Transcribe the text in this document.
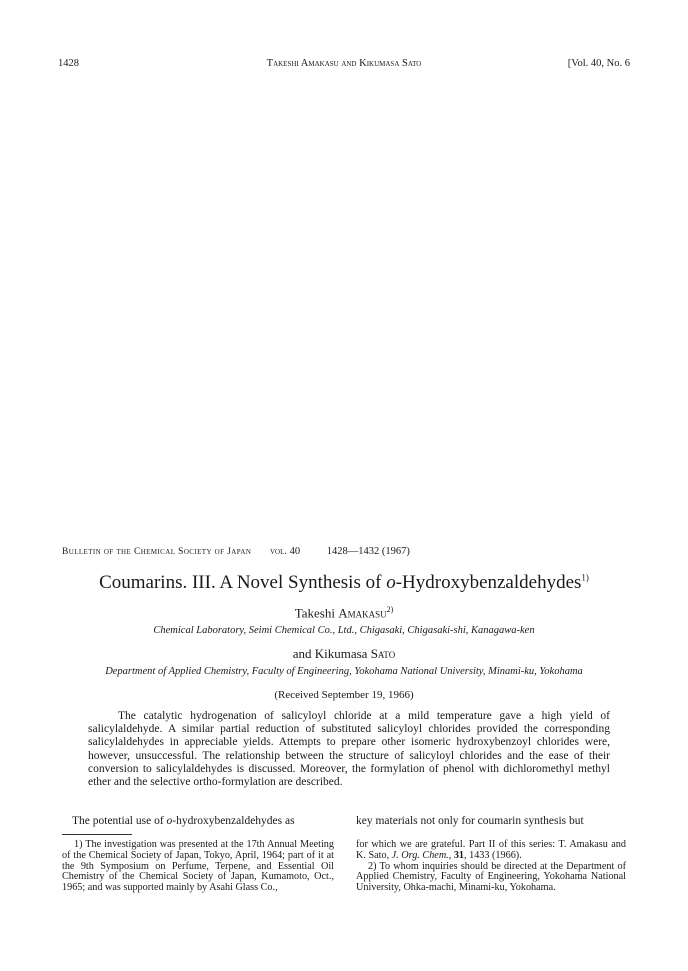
1428	Takeshi Amakasu and Kikumasa Sato	[Vol. 40, No. 6
Bulletin of the Chemical Society of Japan vol. 40	1428—1432 (1967)
Coumarins. III. A Novel Synthesis of o-Hydroxybenzaldehydes$^{1)}$
Takeshi Amakasu$^{2)}$
Chemical Laboratory, Seimi Chemical Co., Ltd., Chigasaki, Chigasaki-shi, Kanagawa-ken
and Kikumasa Sato
Department of Applied Chemistry, Faculty of Engineering, Yokohama National University, Minami-ku, Yokohama
(Received September 19, 1966)
The catalytic hydrogenation of salicyloyl chloride at a mild temperature gave a high yield of salicylaldehyde. A similar partial reduction of substituted salicyloyl chlorides provided the corresponding salicylaldehydes in appreciable yields. Attempts to prepare other isomeric hydroxybenzoyl chlorides were, however, unsuccessful. The relationship between the structure of salicyloyl chlorides and the ease of their conversion to salicylaldehydes is discussed. Moreover, the formylation of phenol with dichloromethyl methyl ether and the selective ortho-formylation are described.
The potential use of o-hydroxybenzaldehydes as	key materials not only for coumarin synthesis but

1) The investigation was presented at the 17th Annual Meeting of the Chemical Society of Japan, Tokyo, April, 1964; part of it at the 9th Symposium on Perfume, Terpene, and Essential Oil Chemistry of the Chemical Society of Japan, Kumamoto, Oct., 1965; and was supported mainly by Asahi Glass Co.,

for which we are grateful. Part II of this series: T. Amakasu and K. Sato, J. Org. Chem., 31, 1433 (1966).

2) To whom inquiries should be directed at the Department of Applied Chemistry, Faculty of Engineering, Yokohama National University, Ohka-machi, Minami-ku, Yokohama.
